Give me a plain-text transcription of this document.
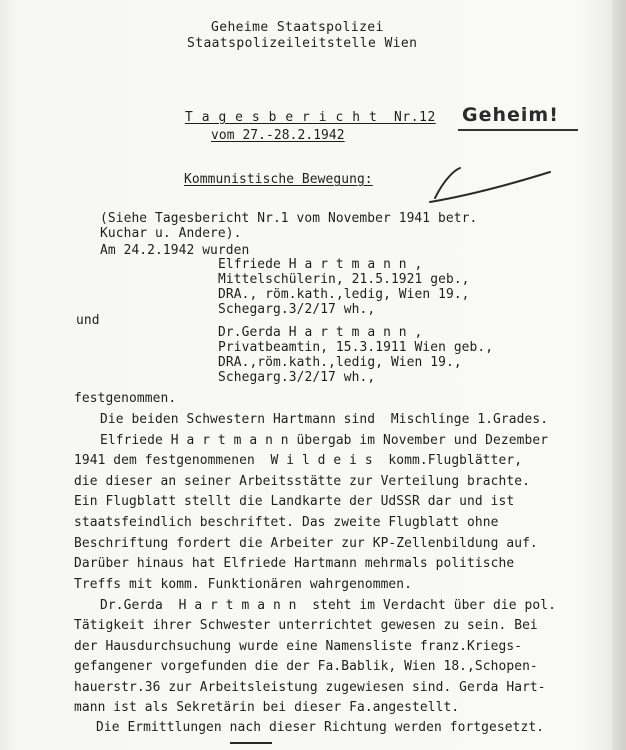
Geheime Staatspolizei
Staatspolizeileitstelle Wien
T a g e s b e r i c h t  Nr.12
vom 27.-28.2.1942
Geheim!
Kommunistische Bewegung:
(Siehe Tagesbericht Nr.1 vom November 1941 betr.
Kuchar u. Andere).
Am 24.2.1942 wurden
Elfriede H a r t m a n n ,
Mittelschülerin, 21.5.1921 geb.,
DRA., röm.kath.,ledig, Wien 19.,
Schegarg.3/2/17 wh.,
und
Dr.Gerda H a r t m a n n ,
Privatbeamtin, 15.3.1911 Wien geb.,
DRA.,röm.kath.,ledig, Wien 19.,
Schegarg.3/2/17 wh.,
festgenommen.
Die beiden Schwestern Hartmann sind  Mischlinge 1.Grades.
Elfriede H a r t m a n n übergab im November und Dezember
1941 dem festgenommenen  W i l d e i s  komm.Flugblätter,
die dieser an seiner Arbeitsstätte zur Verteilung brachte.
Ein Flugblatt stellt die Landkarte der UdSSR dar und ist
staatsfeindlich beschriftet. Das zweite Flugblatt ohne
Beschriftung fordert die Arbeiter zur KP-Zellenbildung auf.
Darüber hinaus hat Elfriede Hartmann mehrmals politische
Treffs mit komm. Funktionären wahrgenommen.
Dr.Gerda  H a r t m a n n  steht im Verdacht über die pol.
Tätigkeit ihrer Schwester unterrichtet gewesen zu sein. Bei
der Hausdurchsuchung wurde eine Namensliste franz.Kriegs-
gefangener vorgefunden die der Fa.Bablik, Wien 18.,Schopen-
hauerstr.36 zur Arbeitsleistung zugewiesen sind. Gerda Hart-
mann ist als Sekretärin bei dieser Fa.angestellt.
Die Ermittlungen nach dieser Richtung werden fortgesetzt.
